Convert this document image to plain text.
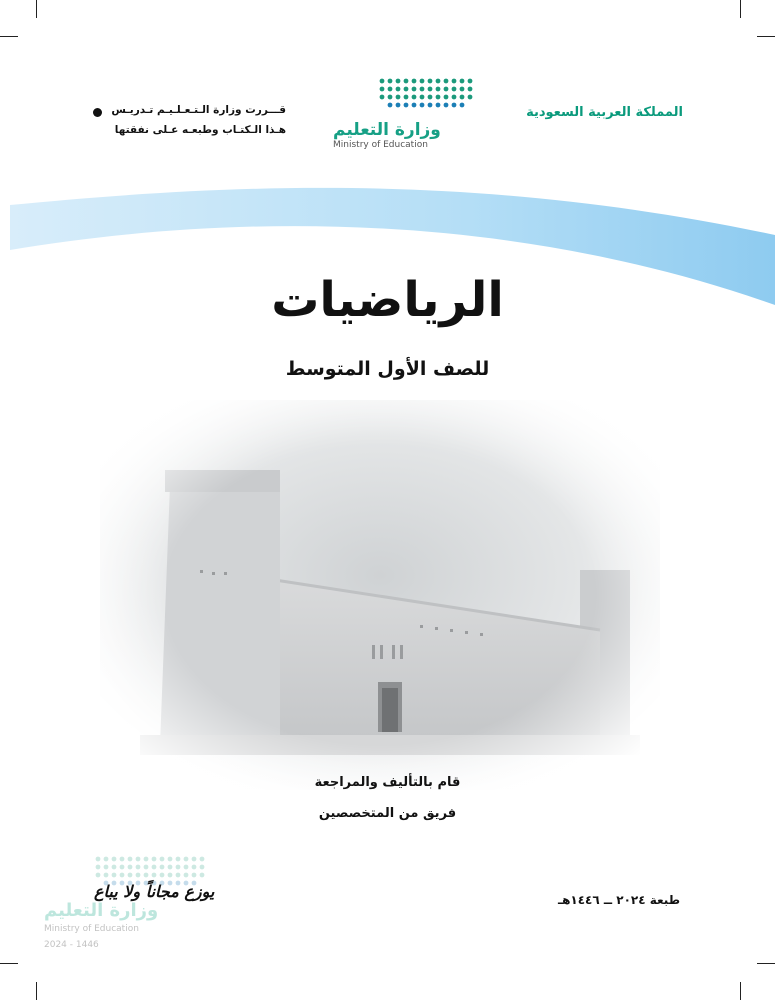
المملكة العربية السعودية
وزارة التعليم
Ministry of Education
قـــررت وزارة الـتـعـلـيـم تـدريـس
هـذا الـكتـاب وطبعـه عـلى نفقتها
الرياضيات
للصف الأول المتوسط
قام بالتأليف والمراجعة
فريق من المتخصصين
طبعة ٢٠٢٤ ــ ١٤٤٦هـ
وزارة التعليم
يوزع مجاناً ولا يباع
Ministry of Education
2024 - 1446
